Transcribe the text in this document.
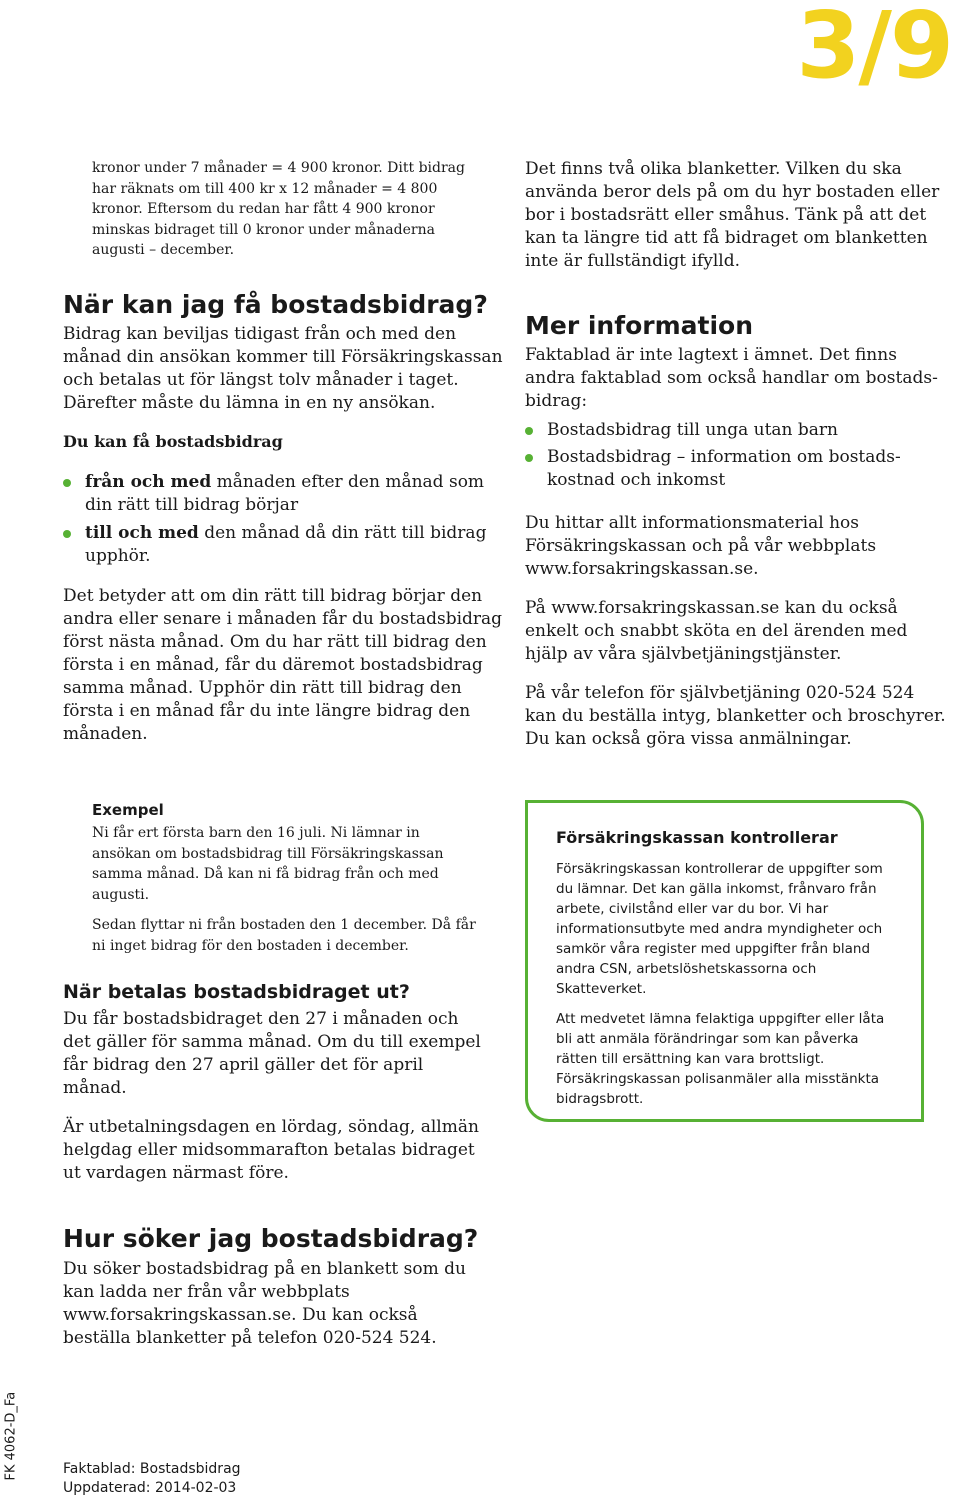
3/9

kronor under 7 månader = 4 900 kronor. Ditt bidrag har räknats om till 400 kr x 12 månader = 4 800 kronor. Eftersom du redan har fått 4 900 kronor minskas bidraget till 0 kronor under månaderna augusti – december.

När kan jag få bostadsbidrag?

Bidrag kan beviljas tidigast från och med den månad din ansökan kommer till Försäkringskassan och betalas ut för längst tolv månader i taget. Därefter måste du lämna in en ny ansökan.

Du kan få bostadsbidrag
från och med månaden efter den månad som din rätt till bidrag börjar
till och med den månad då din rätt till bidrag upphör.

Det betyder att om din rätt till bidrag börjar den andra eller senare i månaden får du bostadsbidrag först nästa månad. Om du har rätt till bidrag den första i en månad, får du däremot bostadsbidrag samma månad. Upphör din rätt till bidrag den första i en månad får du inte längre bidrag den månaden.

Exempel

Ni får ert första barn den 16 juli. Ni lämnar in ansökan om bostadsbidrag till Försäkringskassan samma månad. Då kan ni få bidrag från och med augusti.

Sedan flyttar ni från bostaden den 1 december. Då får ni inget bidrag för den bostaden i december.

När betalas bostadsbidraget ut?

Du får bostadsbidraget den 27 i månaden och det gäller för samma månad. Om du till exempel får bidrag den 27 april gäller det för april månad.

Är utbetalningsdagen en lördag, söndag, allmän helgdag eller midsommarafton betalas bidraget ut vardagen närmast före.

Hur söker jag bostadsbidrag?

Du söker bostadsbidrag på en blankett som du kan ladda ner från vår webbplats www.forsakringskassan.se. Du kan också beställa blanketter på telefon 020-524 524.

Det finns två olika blanketter. Vilken du ska använda beror dels på om du hyr bostaden eller bor i bostadsrätt eller småhus. Tänk på att det kan ta längre tid att få bidraget om blanketten inte är fullständigt ifylld.

Mer information

Faktablad är inte lagtext i ämnet. Det finns andra faktablad som också handlar om bostadsbidrag:

Bostadsbidrag till unga utan barn
Bostadsbidrag – information om bostadskostnad och inkomst

Du hittar allt informationsmaterial hos Försäkringskassan och på vår webbplats www.forsakringskassan.se.

På www.forsakringskassan.se kan du också enkelt och snabbt sköta en del ärenden med hjälp av våra självbetjäningstjänster.

På vår telefon för självbetjäning 020-524 524 kan du beställa intyg, blanketter och broschyrer. Du kan också göra vissa anmälningar.

Försäkringskassan kontrollerar

Försäkringskassan kontrollerar de uppgifter som du lämnar. Det kan gälla inkomst, frånvaro från arbete, civilstånd eller var du bor. Vi har informationsutbyte med andra myndigheter och samkör våra register med uppgifter från bland andra CSN, arbetslöshetskassorna och Skatteverket.

Att medvetet lämna felaktiga uppgifter eller låta bli att anmäla förändringar som kan påverka rätten till ersättning kan vara brottsligt. Försäkringskassan polisanmäler alla misstänkta bidragsbrott.

Faktablad: Bostadsbidrag
Uppdaterad: 2014-02-03
FK 4062-D_Fa
